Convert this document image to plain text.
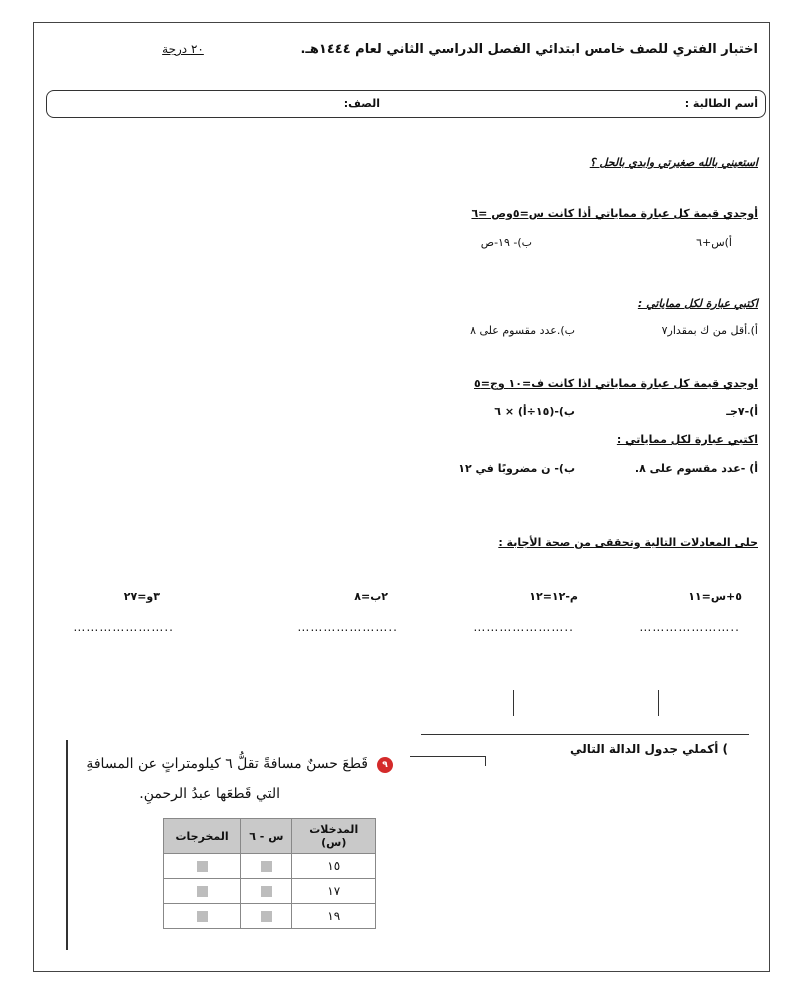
اختبار الفتري للصف خامس ابتدائي الفصل الدراسي الثاني لعام ١٤٤٤هـ.
٢٠ درجة
أسم الطالبة :
الصف:
استعيني بالله صغيرتي وابدي بالحل ؟
أوجدي قيمة كل عبارة مماياتي أذا كانت س=٥وص =٦
أ)س+٦
ب)- ١٩-ص
اكتبي عبارة لكل مماياتي :
أ).أقل من ك بمقدار٧
ب).عدد مقسوم على ٨
اوجدي قيمة كل عبارة مماياتي اذا كانت ف=١٠ وج=٥
أ)-٧جـ
ب)-(١٥÷أ) × ٦
اكتبي عبارة لكل مماياتي :
أ) -عدد مقسوم على ٨.
ب)- ن مضروبًا في ١٢
حلى المعادلات التالية وتحققى من صحة الأجابة :
٥+س=١١
م-١٢=١٢
٢ب=٨
٣و=٢٧
…………………..
…………………..
…………………..
…………………..
) أكملي جدول الدالة التالي
٩
قَطعَ حسنٌ مسافةً تقلُّ ٦ كيلومتراتٍ عن المسافةِ
التي قَطعَها عبدُ الرحمنِ.
المدخلات (س)	س - ٦	المخرجات
١٥		
١٧		
١٩		
